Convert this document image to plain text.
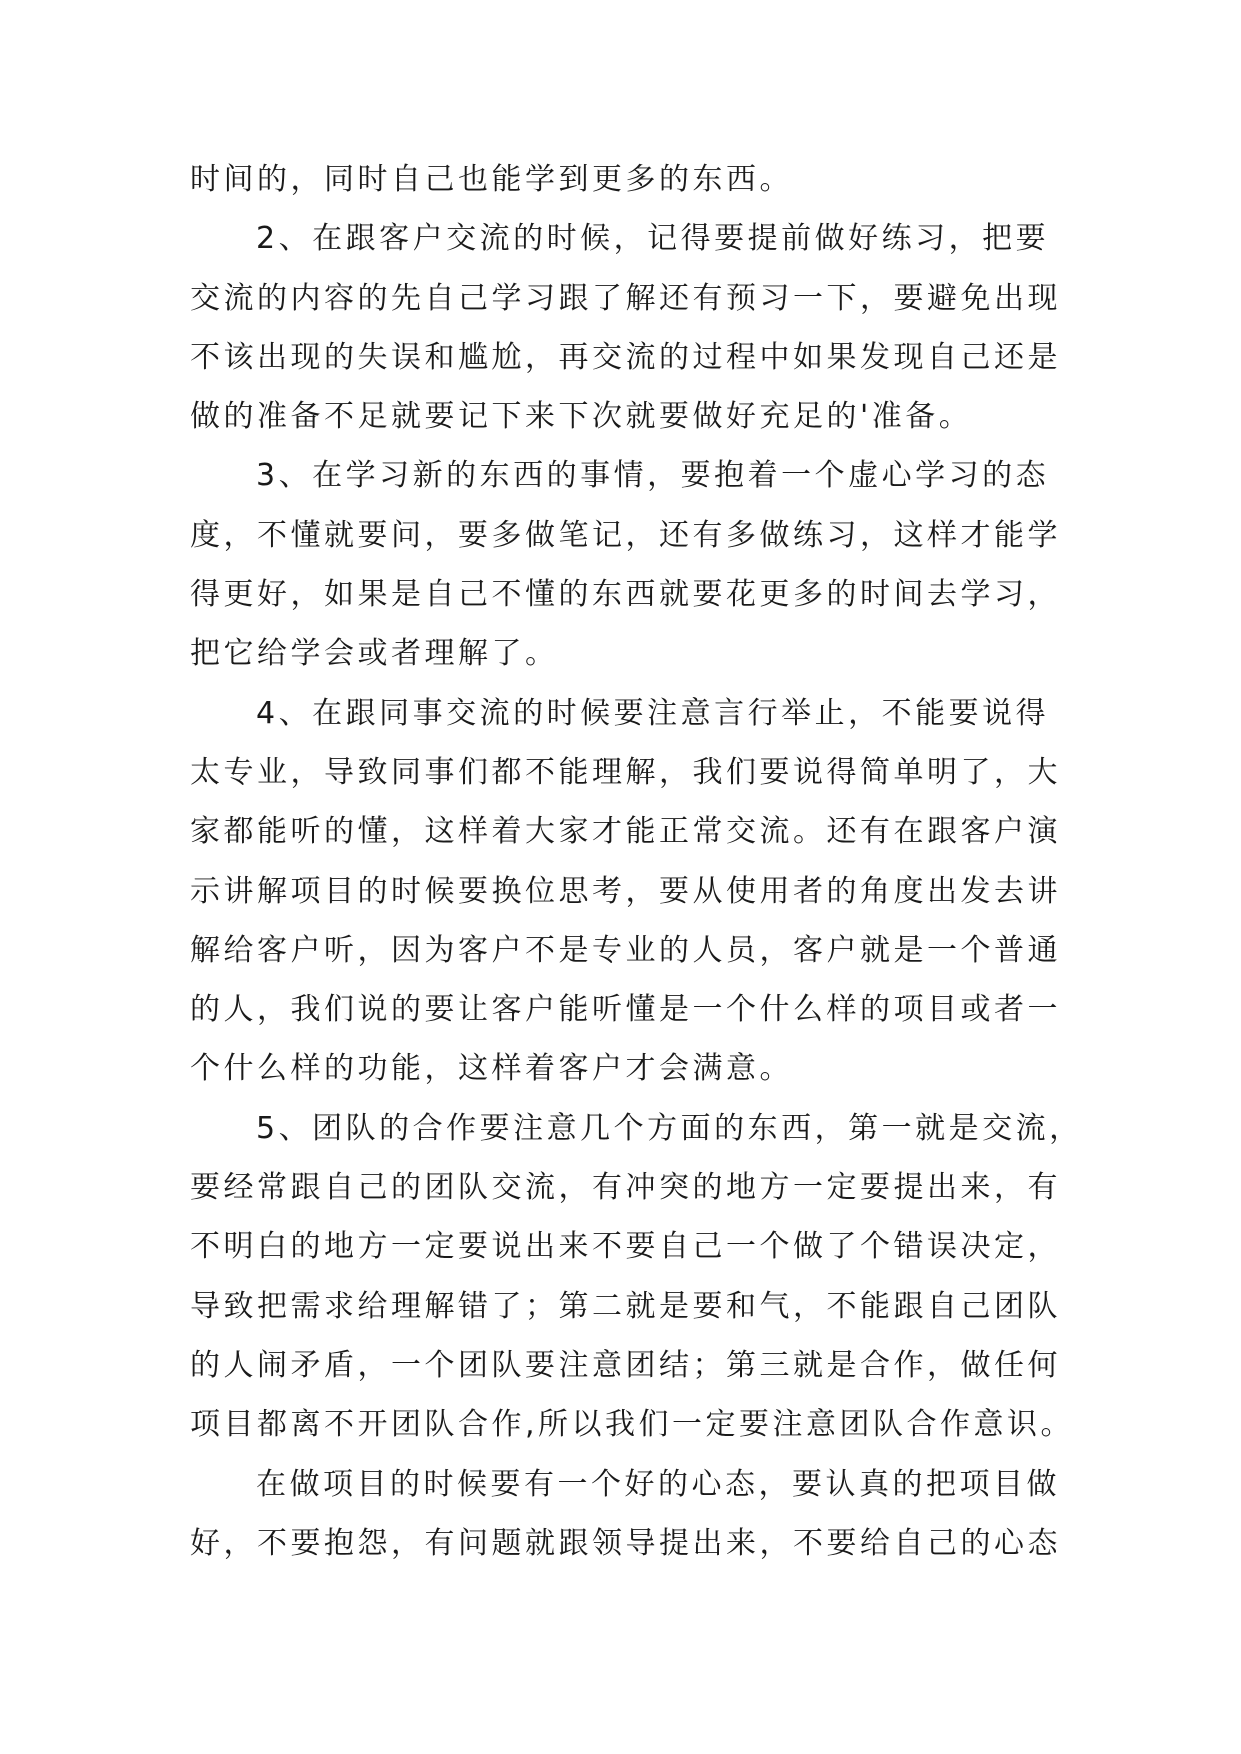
时间的，同时自己也能学到更多的东西。
2、在跟客户交流的时候，记得要提前做好练习，把要
交流的内容的先自己学习跟了解还有预习一下，要避免出现
不该出现的失误和尴尬，再交流的过程中如果发现自己还是
做的准备不足就要记下来下次就要做好充足的'准备。
3、在学习新的东西的事情，要抱着一个虚心学习的态
度，不懂就要问，要多做笔记，还有多做练习，这样才能学
得更好，如果是自己不懂的东西就要花更多的时间去学习，
把它给学会或者理解了。
4、在跟同事交流的时候要注意言行举止，不能要说得
太专业，导致同事们都不能理解，我们要说得简单明了，大
家都能听的懂，这样着大家才能正常交流。还有在跟客户演
示讲解项目的时候要换位思考，要从使用者的角度出发去讲
解给客户听，因为客户不是专业的人员，客户就是一个普通
的人，我们说的要让客户能听懂是一个什么样的项目或者一
个什么样的功能，这样着客户才会满意。
5、团队的合作要注意几个方面的东西，第一就是交流，
要经常跟自己的团队交流，有冲突的地方一定要提出来，有
不明白的地方一定要说出来不要自己一个做了个错误决定，
导致把需求给理解错了；第二就是要和气，不能跟自己团队
的人闹矛盾，一个团队要注意团结；第三就是合作，做任何
项目都离不开团队合作,所以我们一定要注意团队合作意识。
在做项目的时候要有一个好的心态，要认真的把项目做
好，不要抱怨，有问题就跟领导提出来，不要给自己的心态
